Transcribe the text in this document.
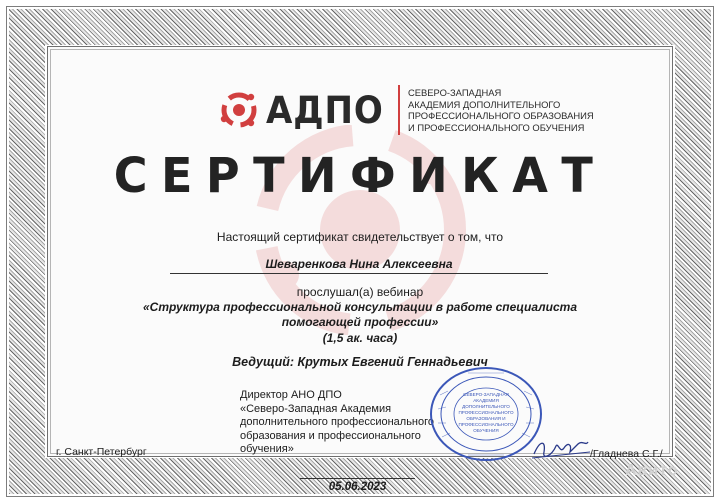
АДПО	СЕВЕРО-ЗАПАДНАЯ
АКАДЕМИЯ ДОПОЛНИТЕЛЬНОГО
ПРОФЕССИОНАЛЬНОГО ОБРАЗОВАНИЯ
И ПРОФЕССИОНАЛЬНОГО ОБУЧЕНИЯ
СЕРТИФИКАТ
Настоящий сертификат свидетельствует о том, что
Шеваренкова Нина Алексеевна
прослушал(а) вебинар
«Структура профессиональной консультации в работе специалиста
помогающей профессии»
(1,5 ак. часа)
Ведущий: Крутых Евгений Геннадьевич
Директор АНО ДПО
«Северо-Западная Академия
дополнительного профессионального
образования и профессионального
обучения»
г. Санкт-Петербург
СЕВЕРО-ЗАПАДНАЯ
АКАДЕМИЯ
ДОПОЛНИТЕЛЬНОГО
ПРОФЕССИОНАЛЬНОГО
ОБРАЗОВАНИЯ И
ПРОФЕССИОНАЛЬНОГО
ОБУЧЕНИЯ
/Гладнева С.Г./
05.06.2023
Авито
